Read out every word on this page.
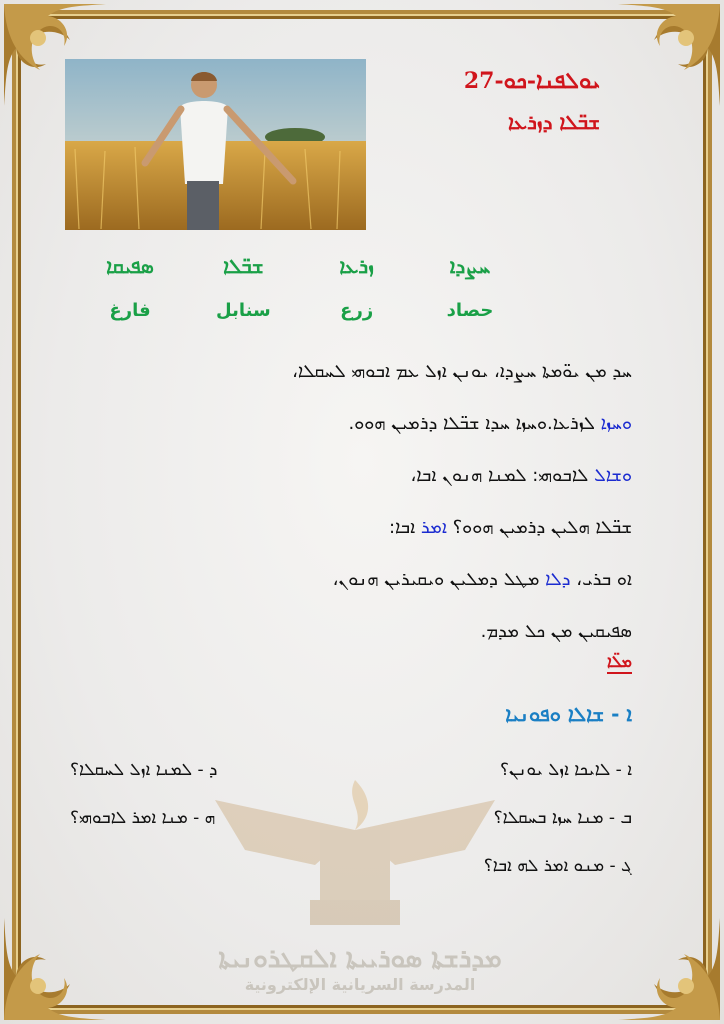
ܝܘܠܦܢܐ-ܟܘ-27
ܫܒ̈ܠܐ ܕܙܪܥܐ
ܚܨܕܐ
ܙܪܥܐ
ܫܒ̈ܠܐ
ܣܦܝܩܐ
حصاد
زرع
سنابل
فارغ

ܚܕ ܡܢ ܝܘ̈ܡܬܐ ܚܨܕܐ، ܝܘܢܢ ܐܙܠ ܥܡ ܐܒܘܗܝ ܠܚܩܠܐ،

ܘܚܙܐ ܠܙܪܥܐ.ܘܚܙܐ ܚܕܐ ܫܒ̈ܠܐ ܕܪܡܝܢ ܗܘܘ.

ܘܫܐܠ ܠܐܒܘܗܝ: ܠܡܢܐ ܗܢܘܢ ܐܒܐ،

ܫܒ̈ܠܐ ܗܠܝܢ ܕܪܡܝܢ ܗܘܘ؟ ܐܡܪ ܐܒܐ:

ܐܘ ܒܪܝ، ܕܠܐ ܡܛܠ ܕܡܠܝܢ ܘܝܩܝܪܝܢ ܗܢܘܢ،

ܣܦܝܩܝܢ ܡܢ ܟܠ ܡܕܡ.

ܡܠ̈ܐ
ܐ - ܫܐܠܐ ܘܦܘܢܝܐ
ܐ - ܠܐܝܟܐ ܐܙܠ ܝܘܢܢ؟
ܕ - ܠܡܢܐ ܐܙܠ ܠܚܩܠܐ؟
ܒ - ܡܢܐ ܚܙܐ ܒܚܩܠܐ؟
ܗ - ܡܢܐ ܐܡܪ ܠܐܒܘܗܝ؟
ܓ - ܡܢܘ ܐܡܪ ܠܗ ܐܒܐ؟
ܡܕܪܫܬܐ ܣܘܪܝܝܬܐ ܐܠܩܛܪܘܢܝܬܐ
المدرسة السريانية الإلكترونية
